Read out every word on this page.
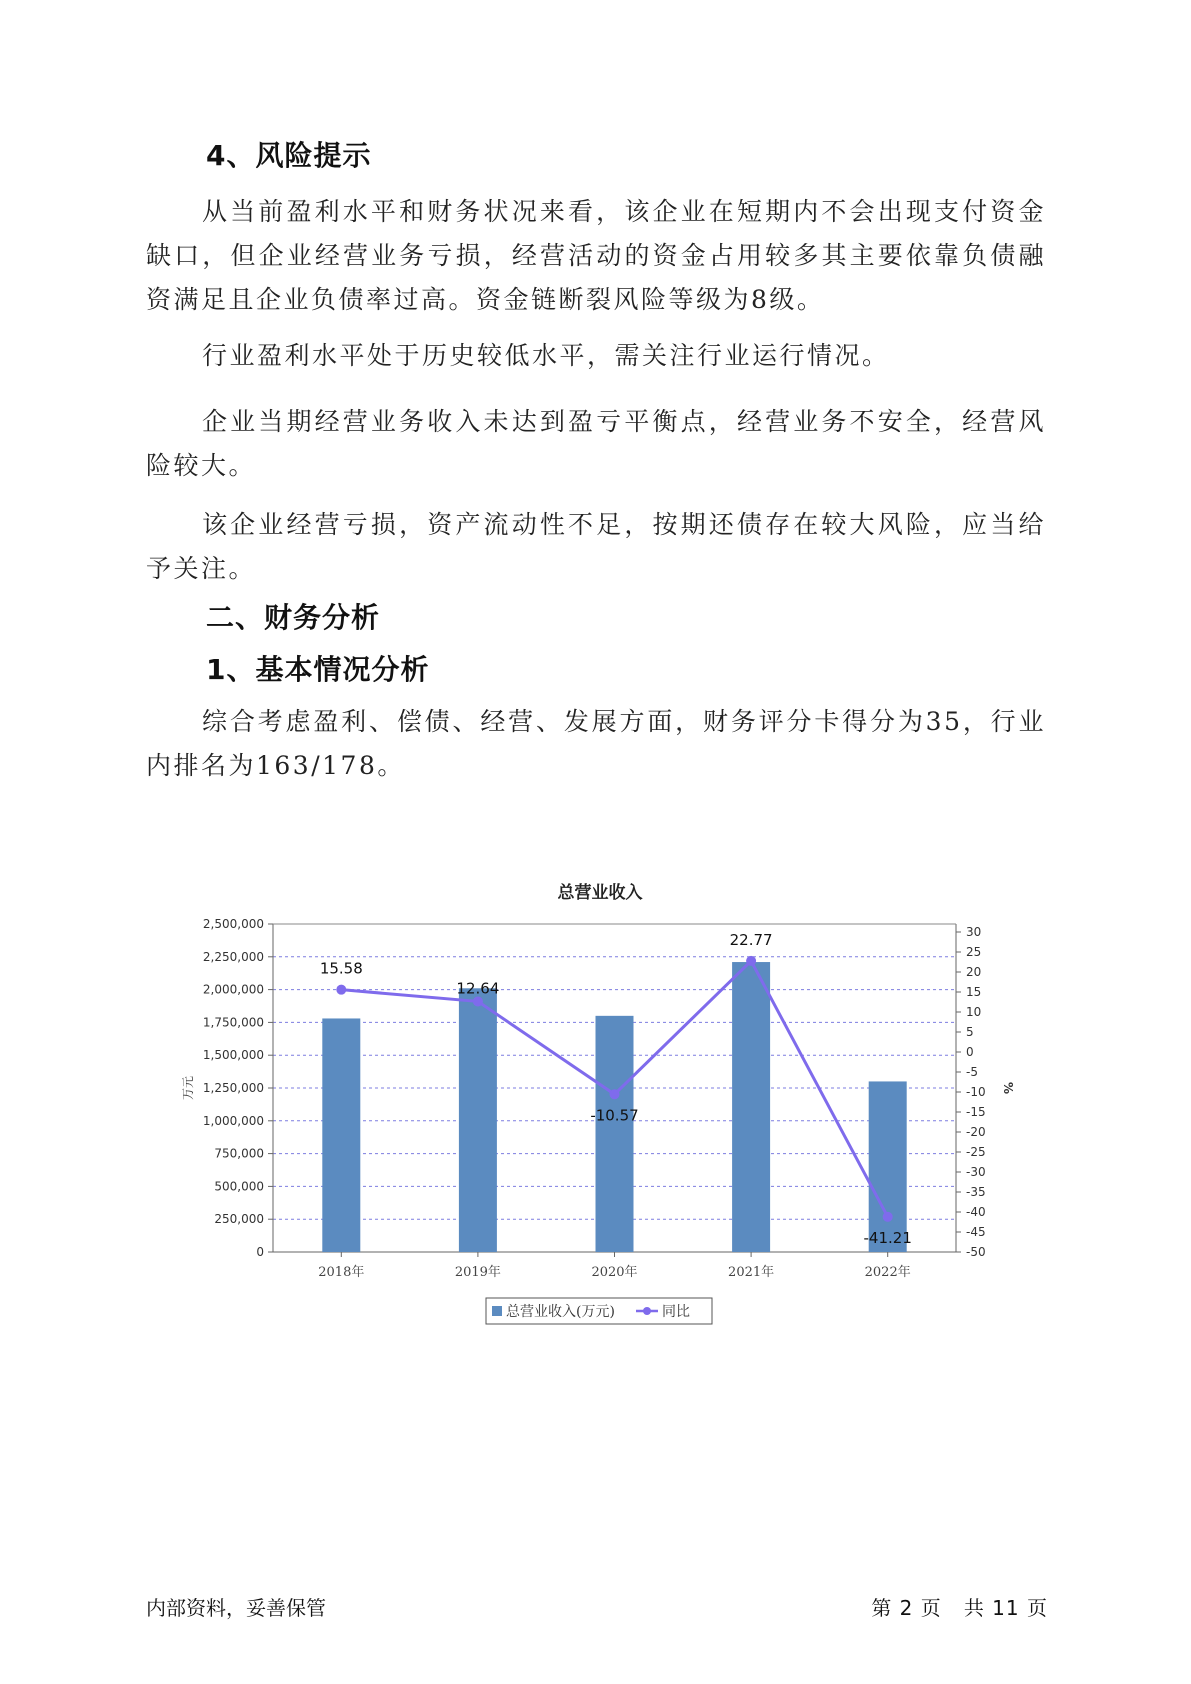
4、风险提示

从当前盈利水平和财务状况来看，该企业在短期内不会出现支付资金缺口，但企业经营业务亏损，经营活动的资金占用较多其主要依靠负债融资满足且企业负债率过高。资金链断裂风险等级为8级。

行业盈利水平处于历史较低水平，需关注行业运行情况。

企业当期经营业务收入未达到盈亏平衡点，经营业务不安全，经营风险较大。

该企业经营亏损，资产流动性不足，按期还债存在较大风险，应当给予关注。

二、财务分析
1、基本情况分析

综合考虑盈利、偿债、经营、发展方面，财务评分卡得分为35，行业内排名为163/178。

总营业收入
0
250,000
500,000
750,000
1,000,000
1,250,000
1,500,000
1,750,000
2,000,000
2,250,000
2,500,000
30
25
20
15
10
5
0
-5
-10
-15
-20
-25
-30
-35
-40
-45
-50
万元	%
2018年	2019年	2020年	2021年	2022年
15.58
12.64
-10.57
22.77
-41.21
总营业收入(万元)	同比
内部资料，妥善保管	第 2 页   共 11 页
